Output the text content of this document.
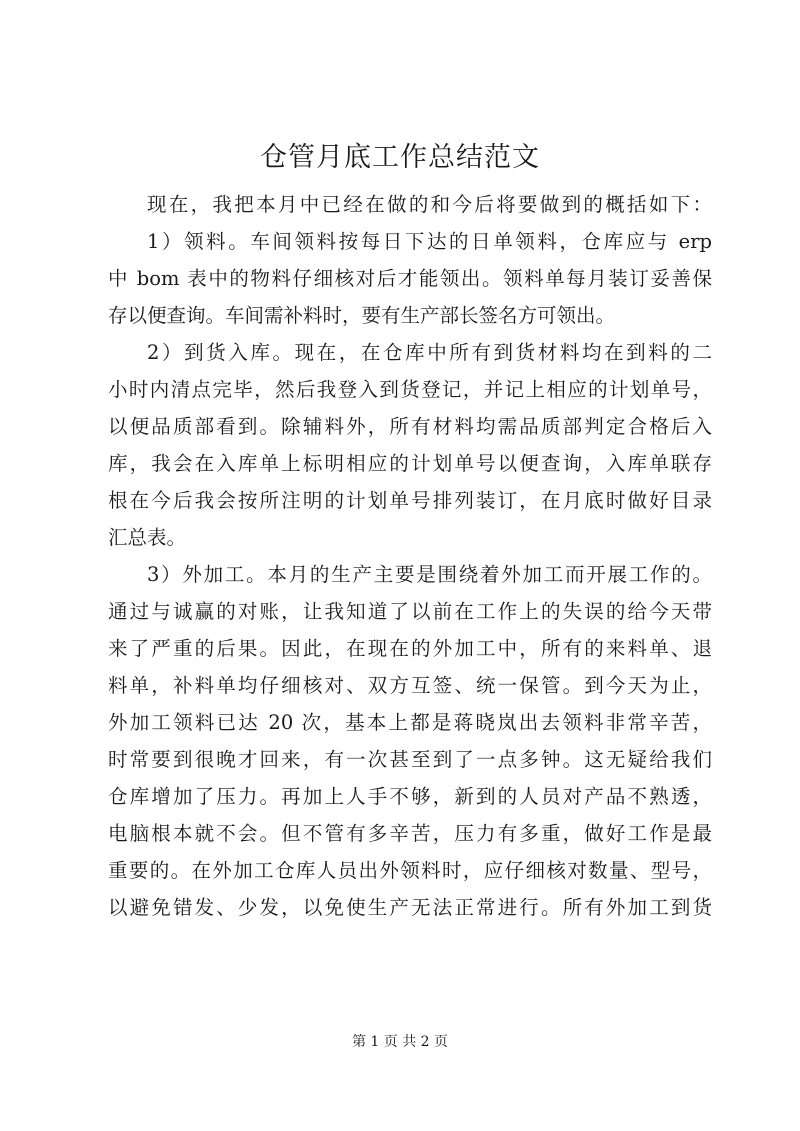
仓管月底工作总结范文
现在，我把本月中已经在做的和今后将要做到的概括如下：
1）领料。车间领料按每日下达的日单领料，仓库应与 erp
中 bom 表中的物料仔细核对后才能领出。领料单每月装订妥善保
存以便查询。车间需补料时，要有生产部长签名方可领出。
2）到货入库。现在，在仓库中所有到货材料均在到料的二
小时内清点完毕，然后我登入到货登记，并记上相应的计划单号，
以便品质部看到。除辅料外，所有材料均需品质部判定合格后入
库，我会在入库单上标明相应的计划单号以便查询，入库单联存
根在今后我会按所注明的计划单号排列装订，在月底时做好目录
汇总表。
3）外加工。本月的生产主要是围绕着外加工而开展工作的。
通过与诚赢的对账，让我知道了以前在工作上的失误的给今天带
来了严重的后果。因此，在现在的外加工中，所有的来料单、退
料单，补料单均仔细核对、双方互签、统一保管。到今天为止，
外加工领料已达 20 次，基本上都是蒋晓岚出去领料非常辛苦，
时常要到很晚才回来，有一次甚至到了一点多钟。这无疑给我们
仓库增加了压力。再加上人手不够，新到的人员对产品不熟透，
电脑根本就不会。但不管有多辛苦，压力有多重，做好工作是最
重要的。在外加工仓库人员出外领料时，应仔细核对数量、型号，
以避免错发、少发，以免使生产无法正常进行。所有外加工到货
第 1 页 共 2 页
